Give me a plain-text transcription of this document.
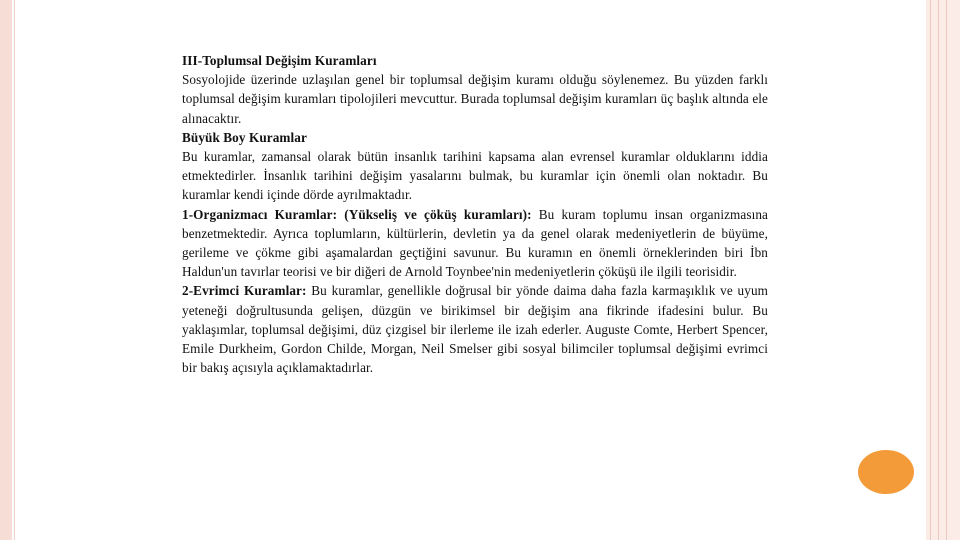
III-Toplumsal Değişim Kuramları

Sosyolojide üzerinde uzlaşılan genel bir toplumsal değişim kuramı olduğu söylenemez. Bu yüzden farklı toplumsal değişim kuramları tipolojileri mevcuttur. Burada toplumsal değişim kuramları üç başlık altında ele alınacaktır.

Büyük Boy Kuramlar

Bu kuramlar, zamansal olarak bütün insanlık tarihini kapsama alan evrensel kuramlar olduklarını iddia etmektedirler. İnsanlık tarihini değişim yasalarını bulmak, bu kuramlar için önemli olan noktadır. Bu kuramlar kendi içinde dörde ayrılmaktadır.

1-Organizmacı Kuramlar: (Yükseliş ve çöküş kuramları): Bu kuram toplumu insan organizmasına benzetmektedir. Ayrıca toplumların, kültürlerin, devletin ya da genel olarak medeniyetlerin de büyüme, gerileme ve çökme gibi aşamalardan geçtiğini savunur. Bu kuramın en önemli örneklerinden biri İbn Haldun'un tavırlar teorisi ve bir diğeri de Arnold Toynbee'nin medeniyetlerin çöküşü ile ilgili teorisidir.

2-Evrimci Kuramlar: Bu kuramlar, genellikle doğrusal bir yönde daima daha fazla karmaşıklık ve uyum yeteneği doğrultusunda gelişen, düzgün ve birikimsel bir değişim ana fikrinde ifadesini bulur. Bu yaklaşımlar, toplumsal değişimi, düz çizgisel bir ilerleme ile izah ederler. Auguste Comte, Herbert Spencer, Emile Durkheim, Gordon Childe, Morgan, Neil Smelser gibi sosyal bilimciler toplumsal değişimi evrimci bir bakış açısıyla açıklamaktadırlar.
